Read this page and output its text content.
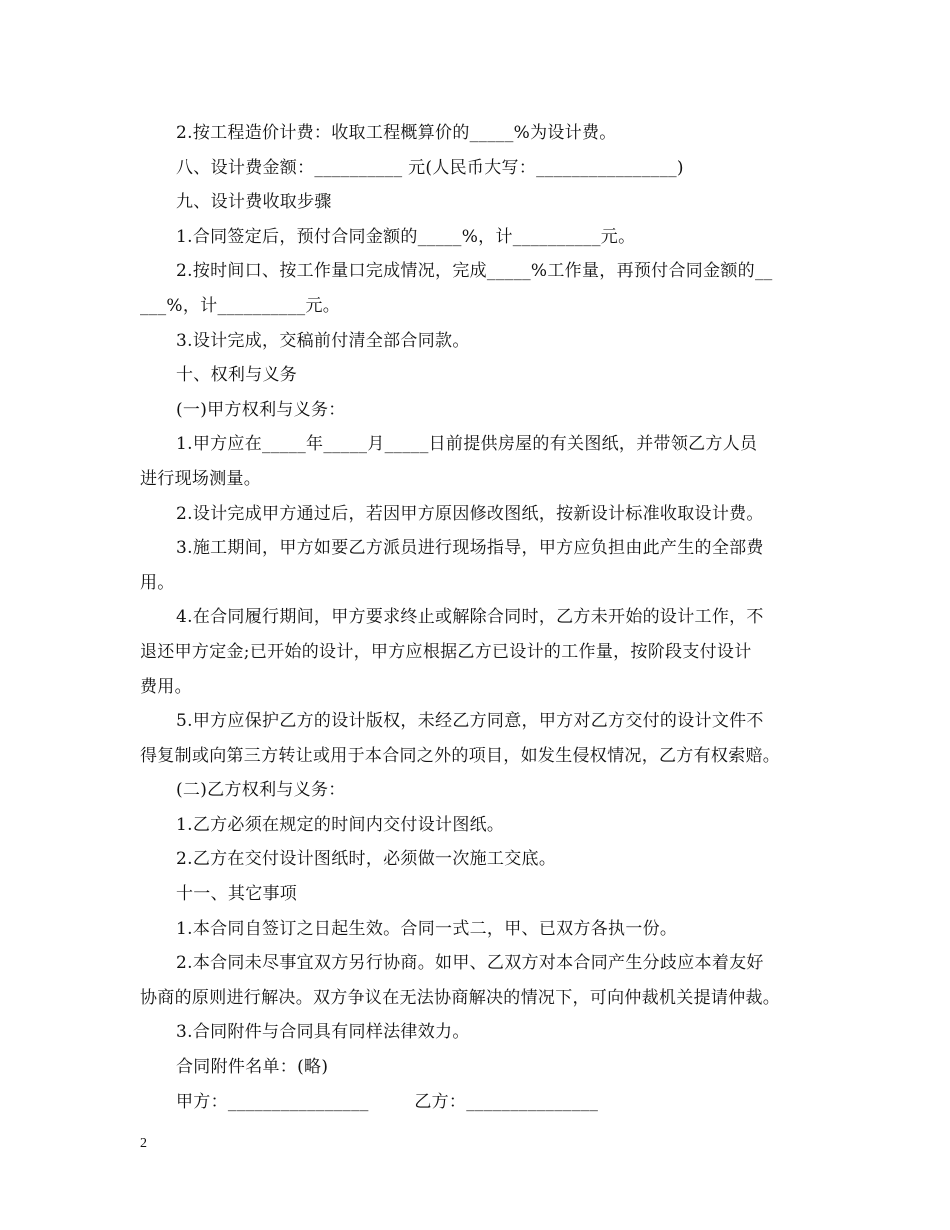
2.按工程造价计费：收取工程概算价的_____%为设计费。
八、设计费金额：__________ 元(人民币大写：________________)
九、设计费收取步骤
1.合同签定后，预付合同金额的_____%，计__________元。
2.按时间口、按工作量口完成情况，完成_____%工作量，再预付合同金额的__
___%，计__________元。
3.设计完成，交稿前付清全部合同款。
十、权利与义务
(一)甲方权利与义务：
1.甲方应在_____年_____月_____日前提供房屋的有关图纸，并带领乙方人员
进行现场测量。
2.设计完成甲方通过后，若因甲方原因修改图纸，按新设计标准收取设计费。
3.施工期间，甲方如要乙方派员进行现场指导，甲方应负担由此产生的全部费
用。
4.在合同履行期间，甲方要求终止或解除合同时，乙方未开始的设计工作，不
退还甲方定金;已开始的设计，甲方应根据乙方已设计的工作量，按阶段支付设计
费用。
5.甲方应保护乙方的设计版权，未经乙方同意，甲方对乙方交付的设计文件不
得复制或向第三方转让或用于本合同之外的项目，如发生侵权情况，乙方有权索赔。
(二)乙方权利与义务：
1.乙方必须在规定的时间内交付设计图纸。
2.乙方在交付设计图纸时，必须做一次施工交底。
十一、其它事项
1.本合同自签订之日起生效。合同一式二，甲、已双方各执一份。
2.本合同未尽事宜双方另行协商。如甲、乙双方对本合同产生分歧应本着友好
协商的原则进行解决。双方争议在无法协商解决的情况下，可向仲裁机关提请仲裁。
3.合同附件与合同具有同样法律效力。
合同附件名单：(略)
甲方：________________        乙方：_______________
2
